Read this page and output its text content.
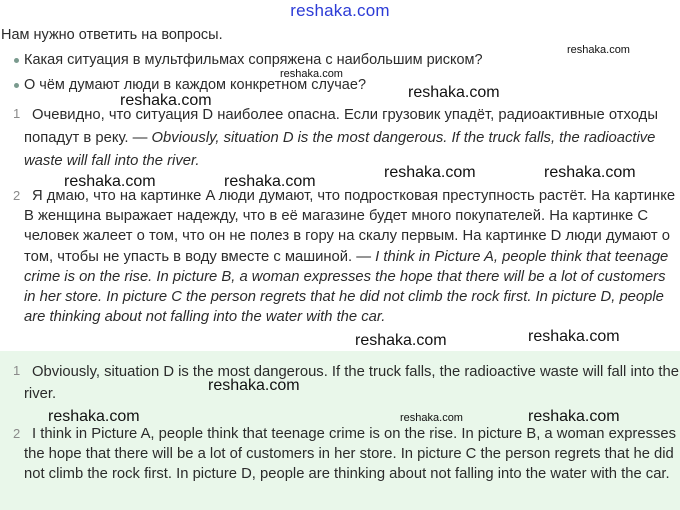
reshaka.com
Нам нужно ответить на вопросы.
Какая ситуация в мультфильмах сопряжена с наибольшим риском?
О чём думают люди в каждом конкретном случае?
1 Очевидно, что ситуация D наиболее опасна. Если грузовик упадёт, радиоактивные отходы попадут в реку. — Obviously, situation D is the most dangerous. If the truck falls, the radioactive waste will fall into the river.

2 Я дмаю, что на картинке A люди думают, что подростковая преступность растёт. На картинке B женщина выражает надежду, что в её магазине будет много покупателей. На картинке C человек жалеет о том, что он не полез в гору на скалу первым. На картинке D люди думают о том, чтобы не упасть в воду вместе с машиной. — I think in Picture A, people think that teenage crime is on the rise. In picture B, a woman expresses the hope that there will be a lot of customers in her store. In picture C the person regrets that he did not climb the rock first. In picture D, people are thinking about not falling into the water with the car.

1 Obviously, situation D is the most dangerous. If the truck falls, the radioactive waste will fall into the river.

2 I think in Picture A, people think that teenage crime is on the rise. In picture B, a woman expresses the hope that there will be a lot of customers in her store. In picture C the person regrets that he did not climb the rock first. In picture D, people are thinking about not falling into the water with the car.

reshaka.com
reshaka.com
reshaka.com
reshaka.com
reshaka.com	reshaka.com
reshaka.com	reshaka.com
reshaka.com
reshaka.com
reshaka.com
reshaka.com	reshaka.com	reshaka.com
